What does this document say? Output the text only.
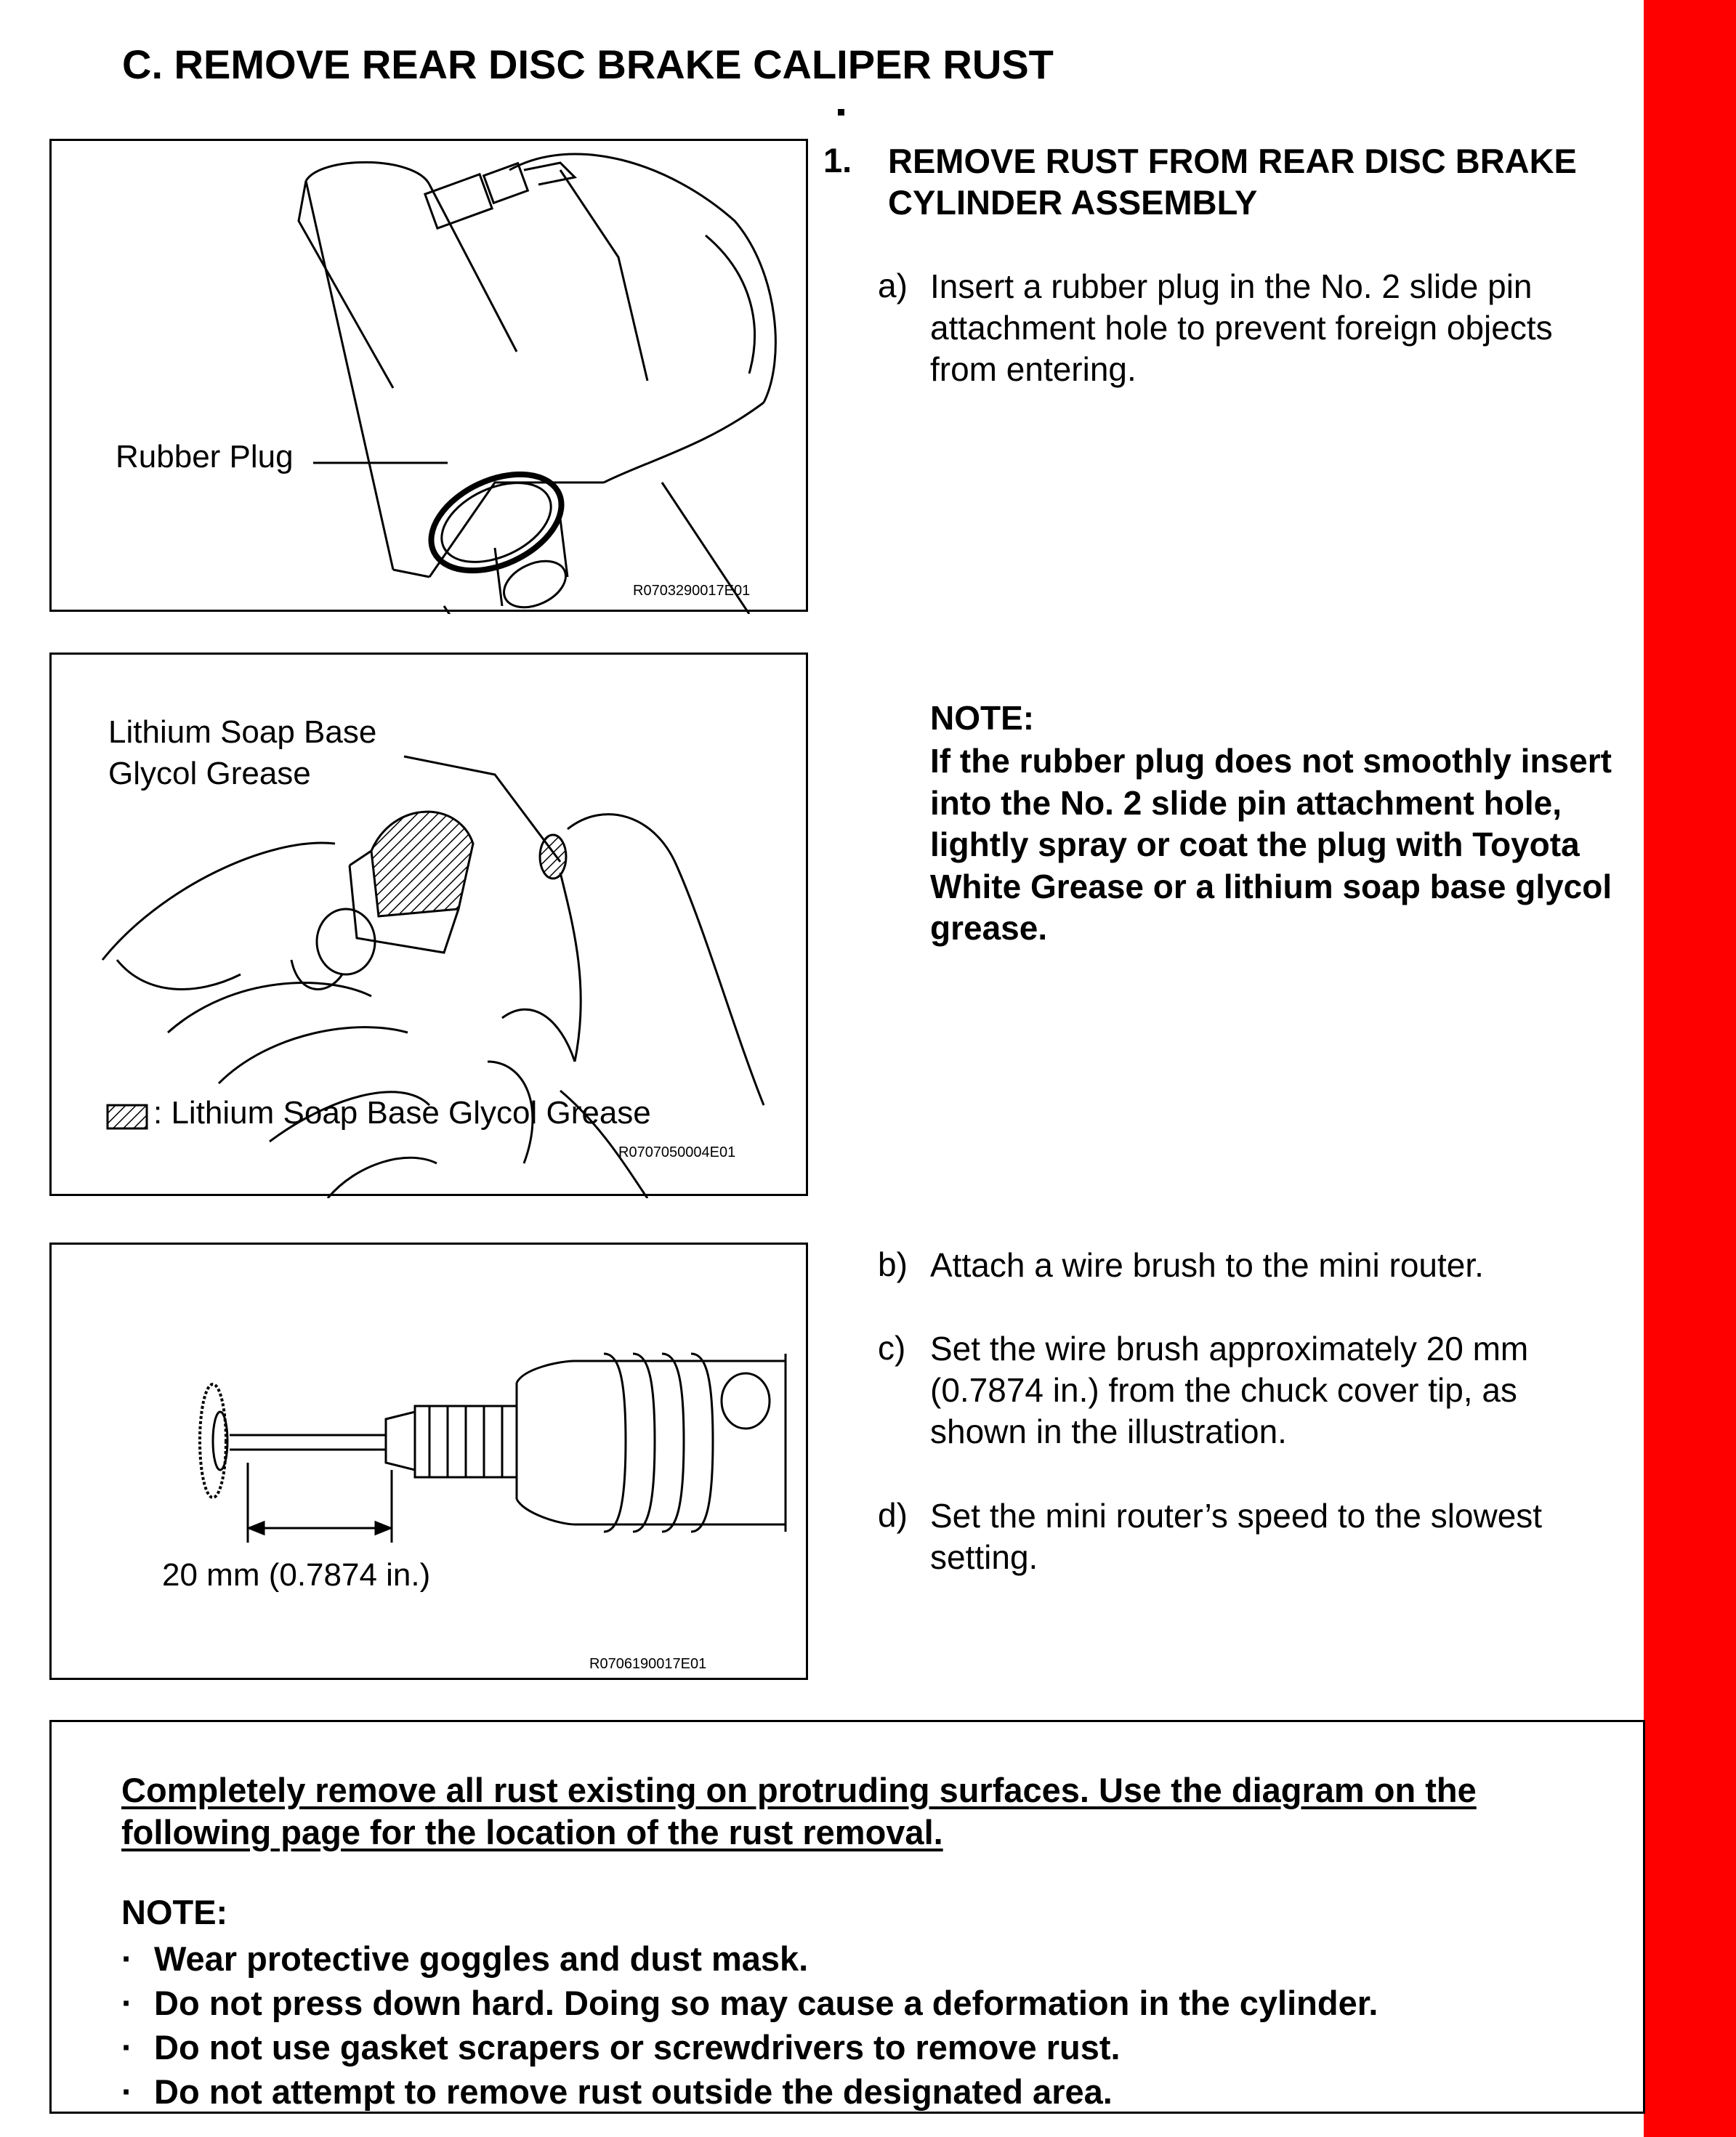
C. REMOVE REAR DISC BRAKE CALIPER RUST
Rubber Plug
R0703290017E01
Lithium Soap Base
Glycol Grease
: Lithium Soap Base Glycol Grease
R0707050004E01
20 mm (0.7874 in.)
R0706190017E01
1. REMOVE RUST FROM REAR DISC BRAKE CYLINDER ASSEMBLY
a) Insert a rubber plug in the No. 2 slide pin attachment hole to prevent foreign objects from entering.
NOTE:
If the rubber plug does not smoothly insert into the No. 2 slide pin attachment hole, lightly spray or coat the plug with Toyota White Grease or a lithium soap base glycol grease.
b) Attach a wire brush to the mini router.
c) Set the wire brush approximately 20 mm (0.7874 in.) from the chuck cover tip, as shown in the illustration.
d) Set the mini router’s speed to the slowest setting.
Completely remove all rust existing on protruding surfaces. Use the diagram on the following page for the location of the rust removal.
NOTE:
· Wear protective goggles and dust mask.
· Do not press down hard. Doing so may cause a deformation in the cylinder.
· Do not use gasket scrapers or screwdrivers to remove rust.
· Do not attempt to remove rust outside the designated area.
